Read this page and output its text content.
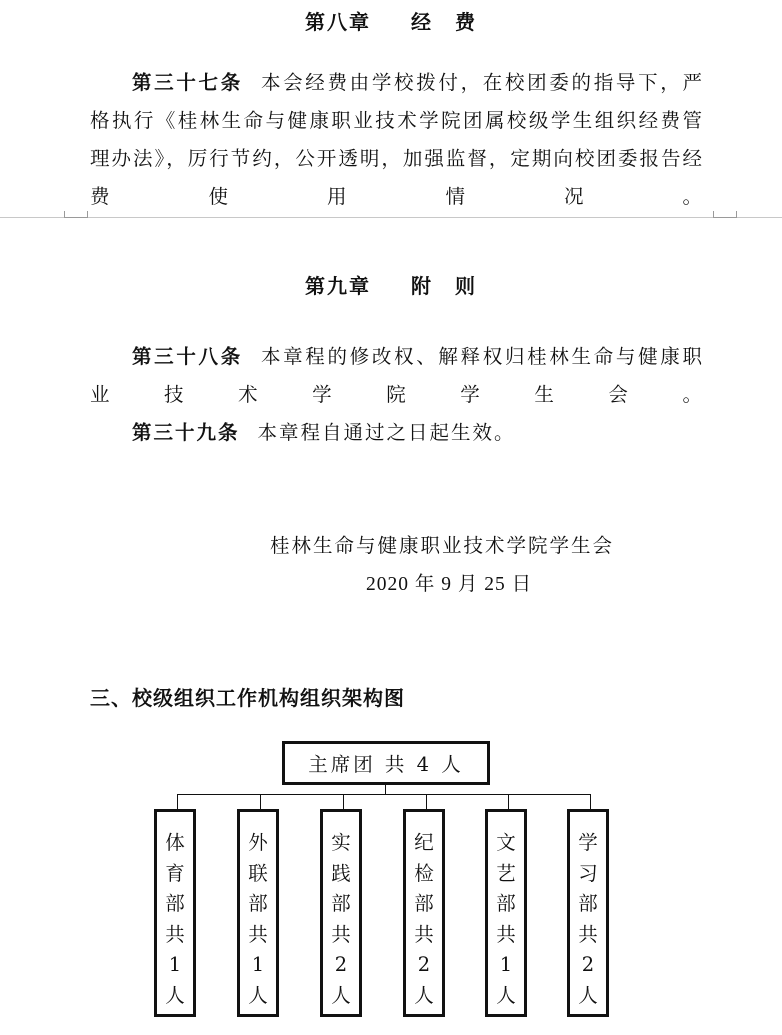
第八章 经　费

第三十七条 本会经费由学校拨付，在校团委的指导下，严格执行《桂林生命与健康职业技术学院团属校级学生组织经费管理办法》，厉行节约，公开透明，加强监督，定期向校团委报告经费使用情况。

第九章 附　则

第三十八条 本章程的修改权、解释权归桂林生命与健康职业技术学院学生会。

第三十九条 本章程自通过之日起生效。

桂林生命与健康职业技术学院学生会
2020 年 9 月 25 日
三、校级组织工作机构组织架构图
主席团 共 4 人
体
育
部
共
1
人
外
联
部
共
1
人
实
践
部
共
2
人
纪
检
部
共
2
人
文
艺
部
共
1
人
学
习
部
共
2
人
